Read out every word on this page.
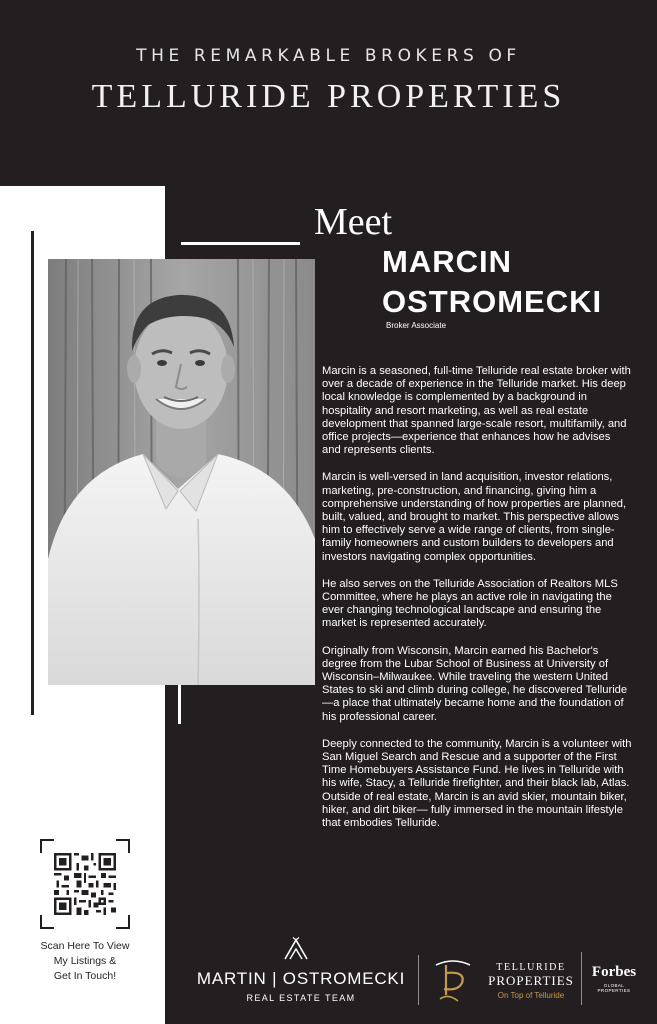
THE REMARKABLE BROKERS OF
TELLURIDE PROPERTIES
Meet
MARCIN
OSTROMECKI
Broker Associate

Marcin is a seasoned, full-time Telluride real estate broker with over a decade of experience in the Telluride market. His deep local knowledge is complemented by a background in hospitality and resort marketing, as well as real estate development that spanned large-scale resort, multifamily, and office projects—experience that enhances how he advises and represents clients.

Marcin is well-versed in land acquisition, investor relations, marketing, pre-construction, and financing, giving him a comprehensive understanding of how properties are planned, built, valued, and brought to market. This perspective allows him to effectively serve a wide range of clients, from single-family homeowners and custom builders to developers and investors navigating complex opportunities.

He also serves on the Telluride Association of Realtors MLS Committee, where he plays an active role in navigating the ever changing technological landscape and ensuring the market is represented accurately.

Originally from Wisconsin, Marcin earned his Bachelor's degree from the Lubar School of Business at University of Wisconsin–Milwaukee. While traveling the western United States to ski and climb during college, he discovered Telluride—a place that ultimately became home and the foundation of his professional career.

Deeply connected to the community, Marcin is a volunteer with San Miguel Search and Rescue and a supporter of the First Time Homebuyers Assistance Fund. He lives in Telluride with his wife, Stacy, a Telluride firefighter, and their black lab, Atlas. Outside of real estate, Marcin is an avid skier, mountain biker, hiker, and dirt biker— fully immersed in the mountain lifestyle that embodies Telluride.

Scan Here To View
My Listings &
Get In Touch!	MARTIN | OSTROMECKI
REAL ESTATE TEAM
TELLURIDE
PROPERTIES
On Top of Telluride
Forbes
GLOBAL PROPERTIES
